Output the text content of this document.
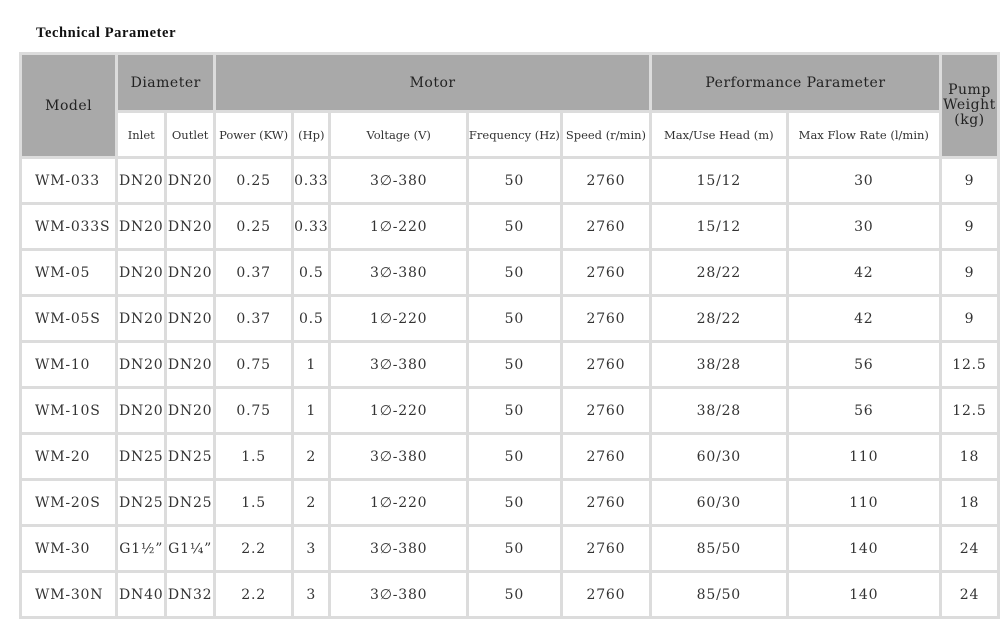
Technical Parameter
Model	Diameter		Motor					Performance Parameter		Pump Weight (kg)
	Inlet	Outlet	Power (KW)	(Hp)	Voltage (V)	Frequency (Hz)	Speed (r/min)	Max/Use Head (m)	Max Flow Rate (l/min)	
WM-033	DN20	DN20	0.25	0.33	3∅-380	50	2760	15/12	30	9
WM-033S	DN20	DN20	0.25	0.33	1∅-220	50	2760	15/12	30	9
WM-05	DN20	DN20	0.37	0.5	3∅-380	50	2760	28/22	42	9
WM-05S	DN20	DN20	0.37	0.5	1∅-220	50	2760	28/22	42	9
WM-10	DN20	DN20	0.75	1	3∅-380	50	2760	38/28	56	12.5
WM-10S	DN20	DN20	0.75	1	1∅-220	50	2760	38/28	56	12.5
WM-20	DN25	DN25	1.5	2	3∅-380	50	2760	60/30	110	18
WM-20S	DN25	DN25	1.5	2	1∅-220	50	2760	60/30	110	18
WM-30	G1½”	G1¼”	2.2	3	3∅-380	50	2760	85/50	140	24
WM-30N	DN40	DN32	2.2	3	3∅-380	50	2760	85/50	140	24
